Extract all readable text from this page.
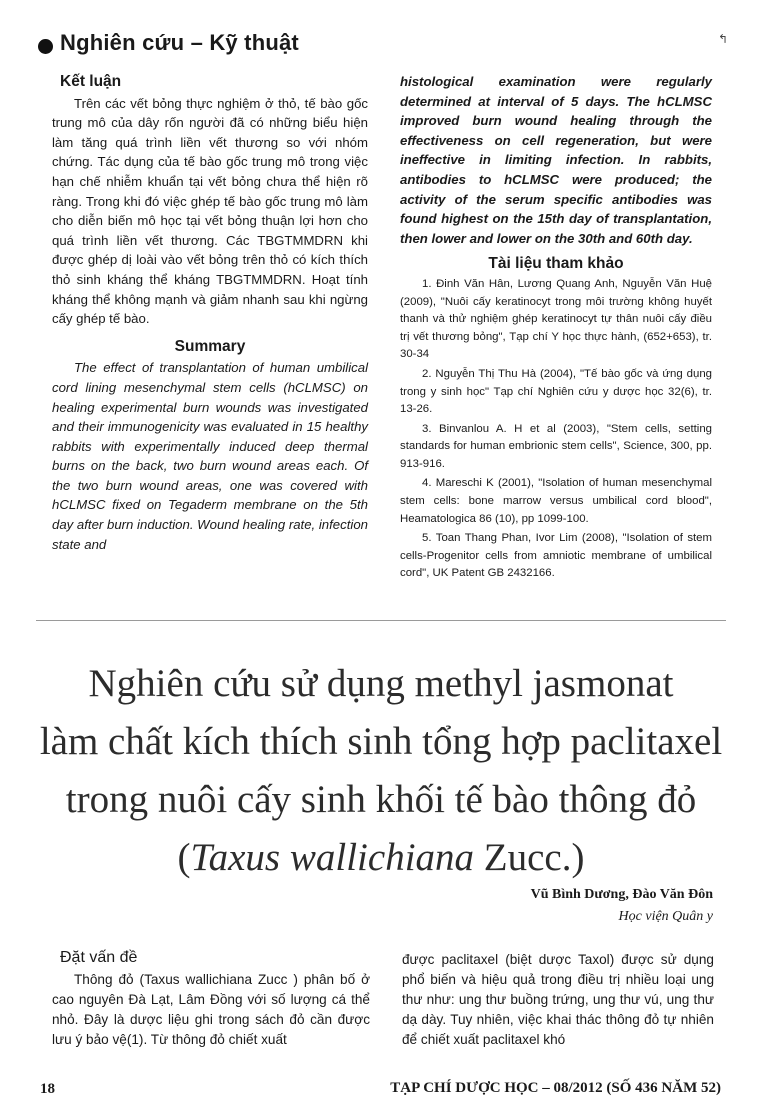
Nghiên cứu – Kỹ thuật	↰
Kết luận

Trên các vết bỏng thực nghiệm ở thỏ, tế bào gốc trung mô của dây rốn người đã có những biểu hiện làm tăng quá trình liền vết thương so với nhóm chứng. Tác dụng của tế bào gốc trung mô trong việc hạn chế nhiễm khuẩn tại vết bỏng chưa thể hiện rõ ràng. Trong khi đó việc ghép tế bào gốc trung mô làm cho diễn biến mô học tại vết bỏng thuận lợi hơn cho quá trình liền vết thương. Các TBGTMMDRN khi được ghép dị loài vào vết bỏng trên thỏ có kích thích thỏ sinh kháng thể kháng TBGTMMDRN. Hoạt tính kháng thể không mạnh và giảm nhanh sau khi ngừng cấy ghép tế bào.

Summary

The effect of transplantation of human umbilical cord lining mesenchymal stem cells (hCLMSC) on healing experimental burn wounds was investigated and their immunogenicity was evaluated in 15 healthy rabbits with experimentally induced deep thermal burns on the back, two burn wound areas each. Of the two burn wound areas, one was covered with hCLMSC fixed on Tegaderm membrane on the 5th day after burn induction. Wound healing rate, infection state and

histological examination were regularly determined at interval of 5 days. The hCLMSC improved burn wound healing through the effectiveness on cell regeneration, but were ineffective in limiting infection. In rabbits, antibodies to hCLMSC were produced; the activity of the serum specific antibodies was found highest on the 15th day of transplantation, then lower and lower on the 30th and 60th day.

Tài liệu tham khảo

1. Đinh Văn Hân, Lương Quang Anh, Nguyễn Văn Huệ (2009), "Nuôi cấy keratinocyt trong môi trường không huyết thanh và thử nghiệm ghép keratinocyt tự thân nuôi cấy điều trị vết thương bỏng", Tạp chí Y học thực hành, (652+653), tr. 30-34

2. Nguyễn Thị Thu Hà (2004), "Tế bào gốc và ứng dụng trong y sinh học" Tạp chí Nghiên cứu y dược học 32(6), tr. 13-26.

3. Binvanlou A. H et al (2003), "Stem cells, setting standards for human embrionic stem cells", Science, 300, pp. 913-916.

4. Mareschi K (2001), "Isolation of human mesenchymal stem cells: bone marrow versus umbilical cord blood", Heamatologica 86 (10), pp 1099-100.

5. Toan Thang Phan, Ivor Lim (2008), "Isolation of stem cells-Progenitor cells from amniotic membrane of umbilical cord", UK Patent GB 2432166.

Nghiên cứu sử dụng methyl jasmonat
làm chất kích thích sinh tổng hợp paclitaxel
trong nuôi cấy sinh khối tế bào thông đỏ
(Taxus wallichiana Zucc.)
Vũ Bình Dương, Đào Văn Đôn
Học viện Quân y
Đặt vấn đề

Thông đỏ (Taxus wallichiana Zucc ) phân bố ở cao nguyên Đà Lạt, Lâm Đồng với số lượng cá thể nhỏ. Đây là dược liệu ghi trong sách đỏ cần được lưu ý bảo vệ(1). Từ thông đỏ chiết xuất

được paclitaxel (biệt dược Taxol) được sử dụng phổ biến và hiệu quả trong điều trị nhiều loại ung thư như: ung thư buồng trứng, ung thư vú, ung thư dạ dày. Tuy nhiên, việc khai thác thông đỏ tự nhiên để chiết xuất paclitaxel khó

18	TẠP CHÍ DƯỢC HỌC – 08/2012 (SỐ 436 NĂM 52)
